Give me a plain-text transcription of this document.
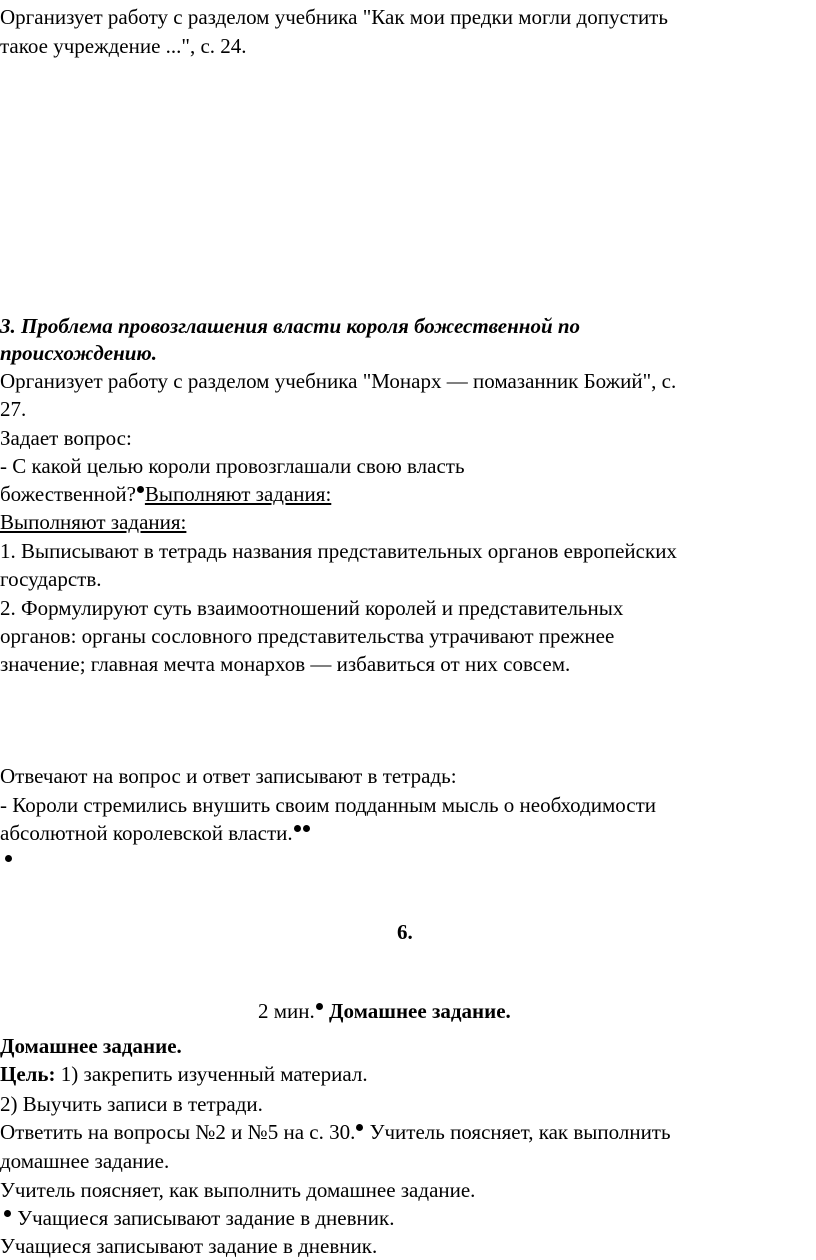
Организует работу с разделом учебника "Как мои предки могли допустить
такое учреждение ...", с. 24.
3. Проблема провозглашения власти короля божественной по
происхождению.
Организует работу с разделом учебника "Монарх — помазанник Божий", с.
27.
Задает вопрос:
- С какой целью короли провозглашали свою власть
божественной? Выполняют задания:
Выполняют задания:
1. Выписывают в тетрадь названия представительных органов европейских
государств.
2. Формулируют суть взаимоотношений королей и представительных
органов: органы сословного представительства утрачивают прежнее
значение; главная мечта монархов — избавиться от них совсем.
Отвечают на вопрос и ответ записывают в тетрадь:
- Короли стремились внушить своим подданным мысль о необходимости
абсолютной королевской власти.
6.
2 мин. Домашнее задание.
Домашнее задание.
Цель: 1) закрепить изученный материал.
2) Выучить записи в тетради.
Ответить на вопросы №2 и №5 на с. 30. Учитель поясняет, как выполнить
домашнее задание.
Учитель поясняет, как выполнить домашнее задание.
Учащиеся записывают задание в дневник.
Учащиеся записывают задание в дневник.
